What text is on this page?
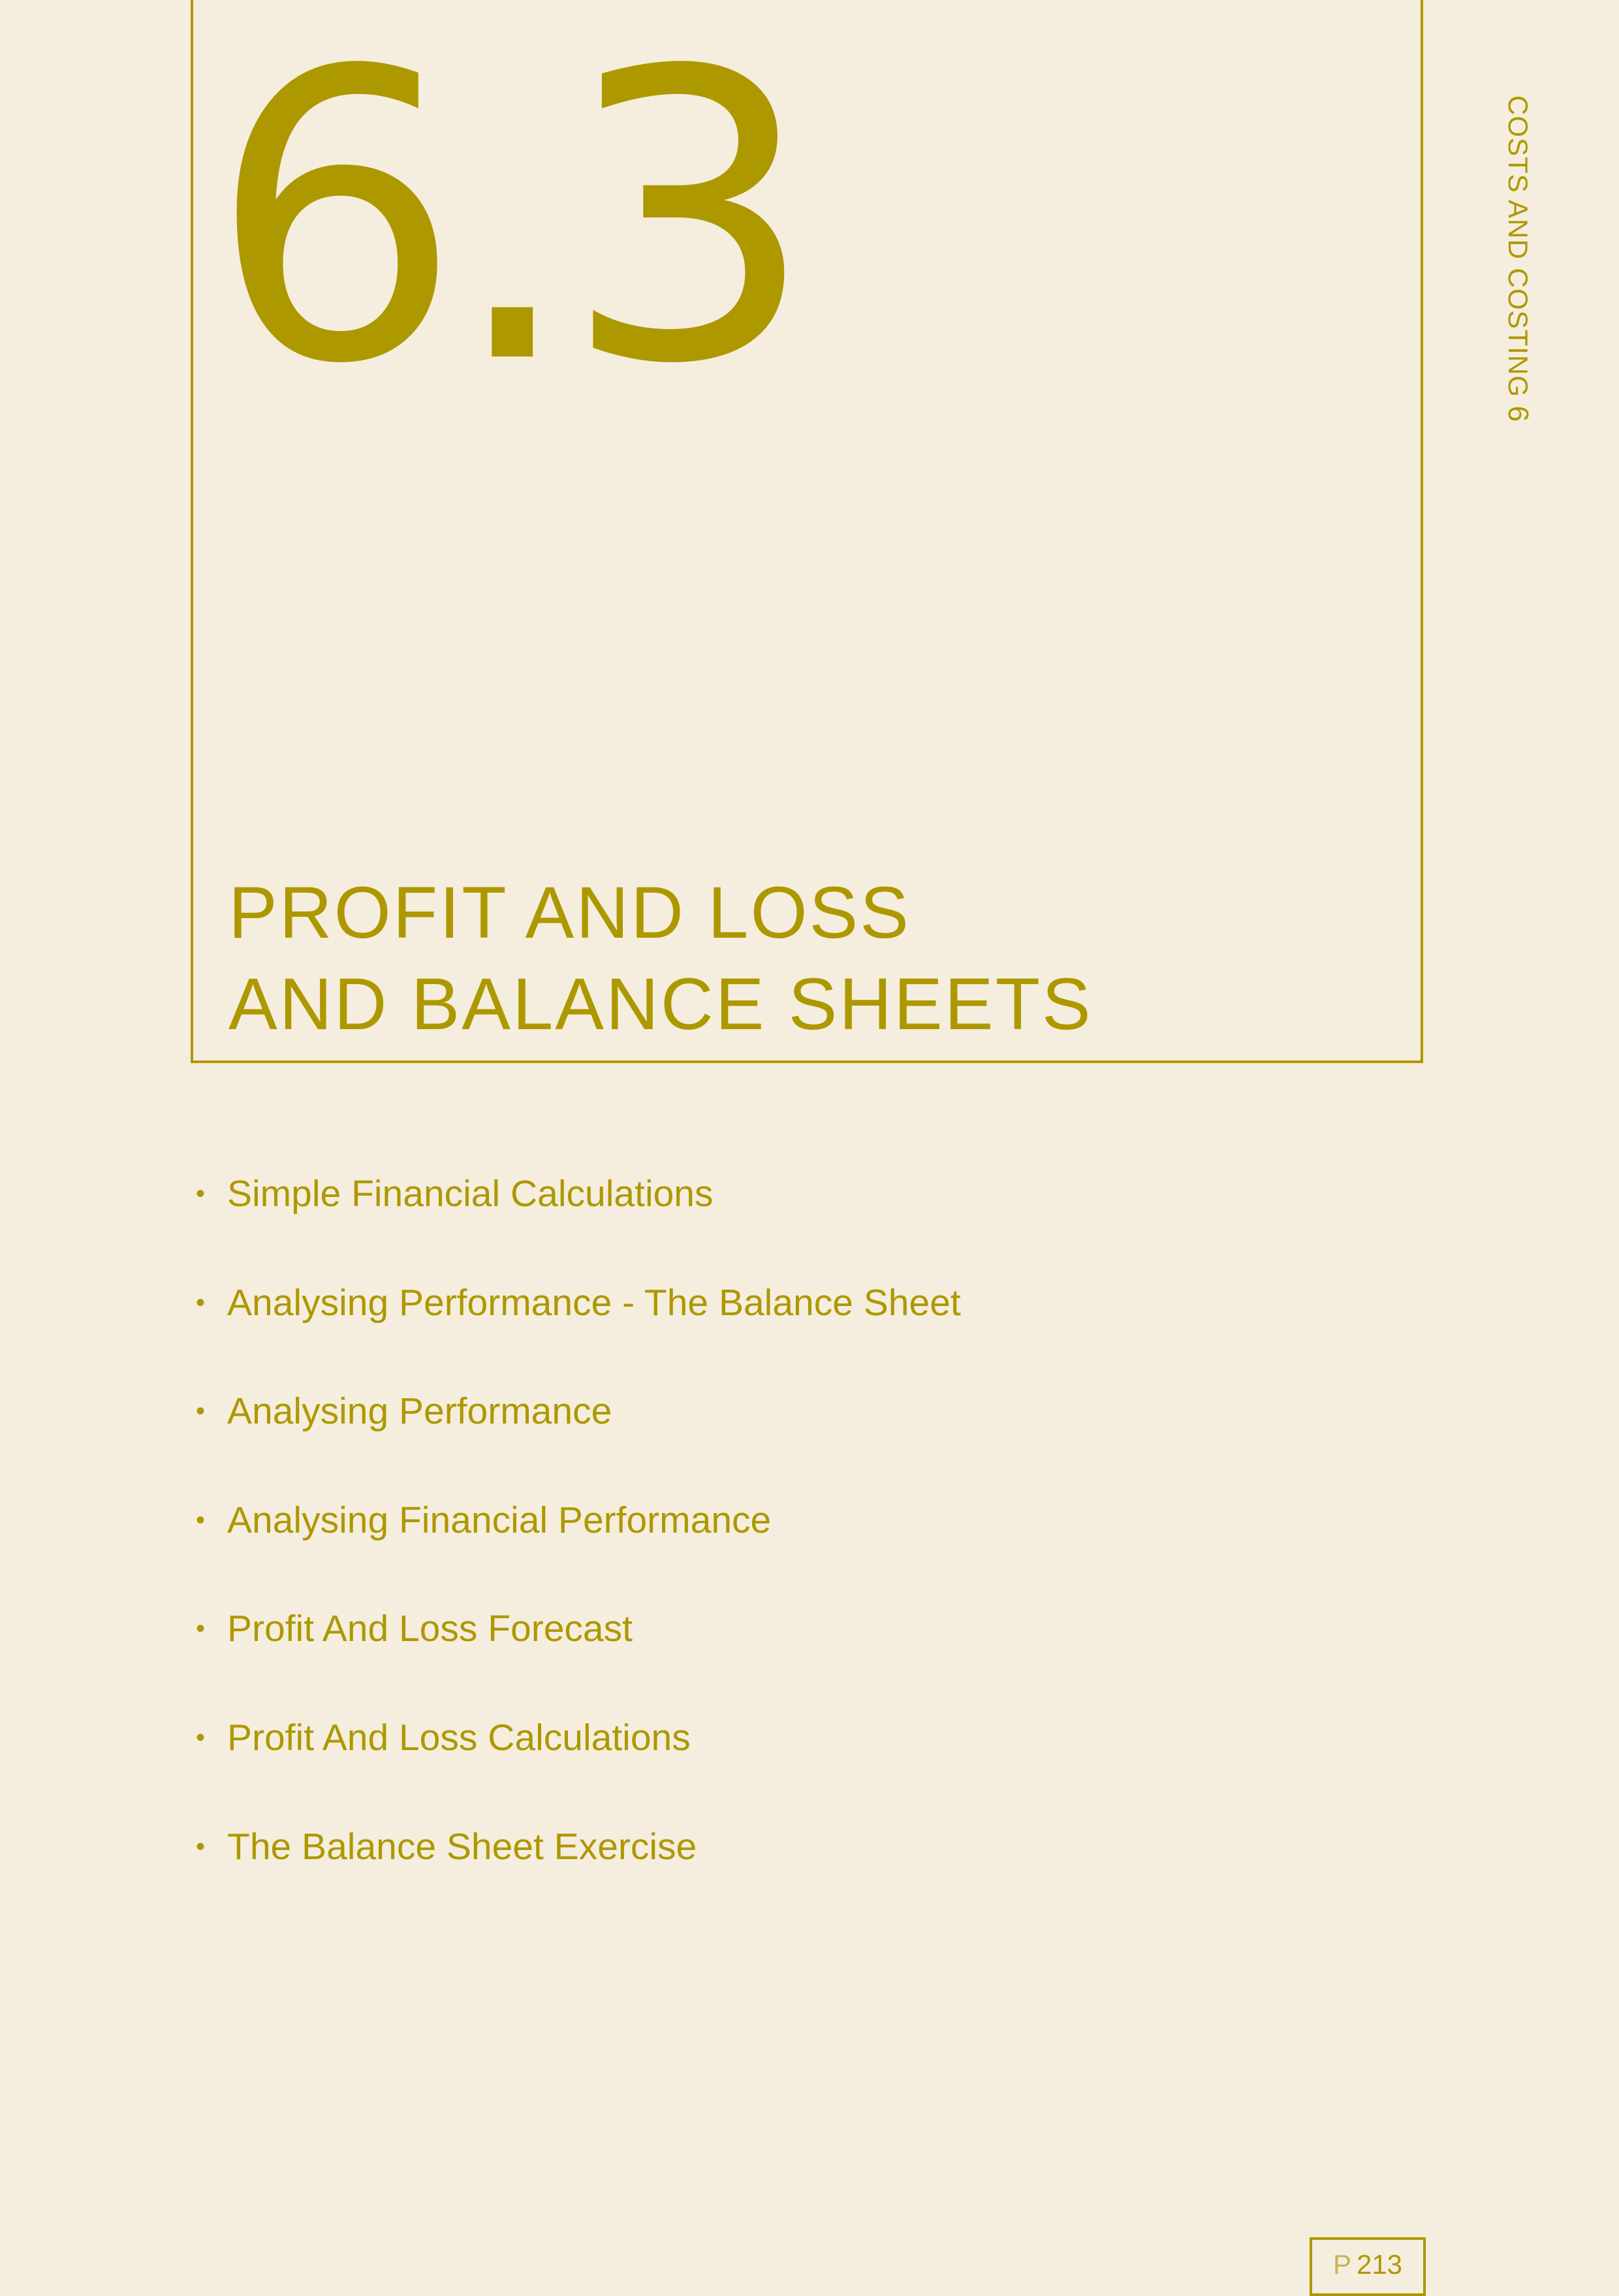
6.3
PROFIT AND LOSS
AND BALANCE SHEETS
COSTS AND COSTING 6
• Simple Financial Calculations
• Analysing Performance - The Balance Sheet
• Analysing Performance
• Analysing Financial Performance
• Profit And Loss Forecast
• Profit And Loss Calculations
• The Balance Sheet Exercise
P 213
